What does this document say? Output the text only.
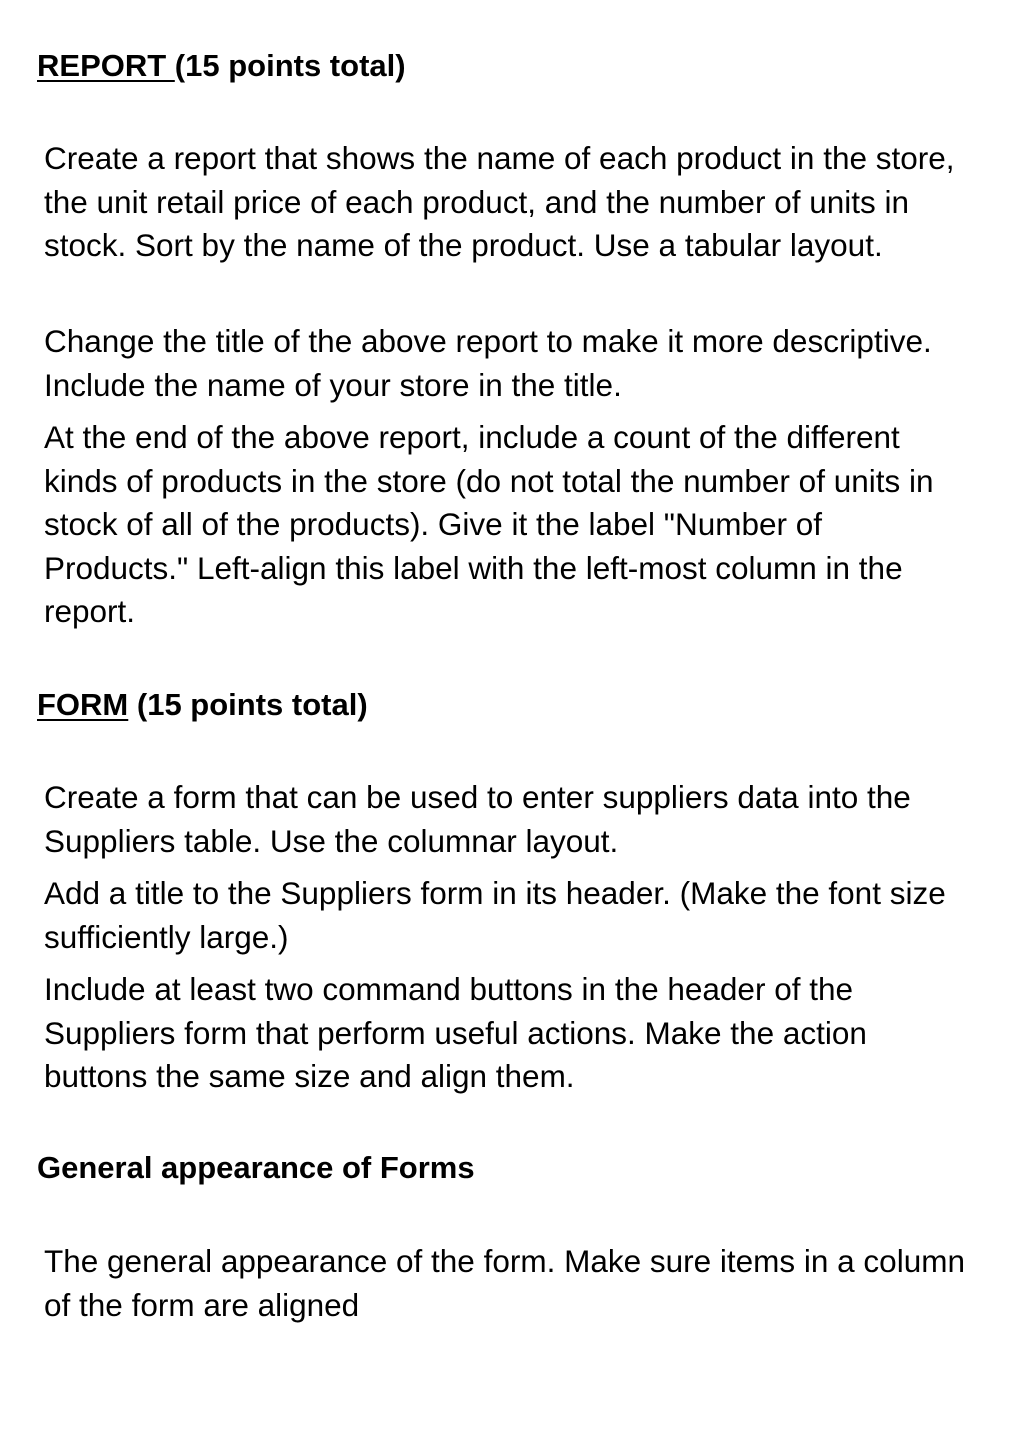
REPORT (15 points total)

Create a report that shows the name of each product in the store, the unit retail price of each product, and the number of units in stock. Sort by the name of the product. Use a tabular layout.

Change the title of the above report to make it more descriptive. Include the name of your store in the title.

At the end of the above report, include a count of the different kinds of products in the store (do not total the number of units in stock of all of the products). Give it the label "Number of Products." Left-align this label with the left-most column in the report.

FORM (15 points total)

Create a form that can be used to enter suppliers data into the Suppliers table. Use the columnar layout.

Add a title to the Suppliers form in its header. (Make the font size sufficiently large.)

Include at least two command buttons in the header of the Suppliers form that perform useful actions. Make the action buttons the same size and align them.

General appearance of Forms

The general appearance of the form. Make sure items in a column of the form are aligned
